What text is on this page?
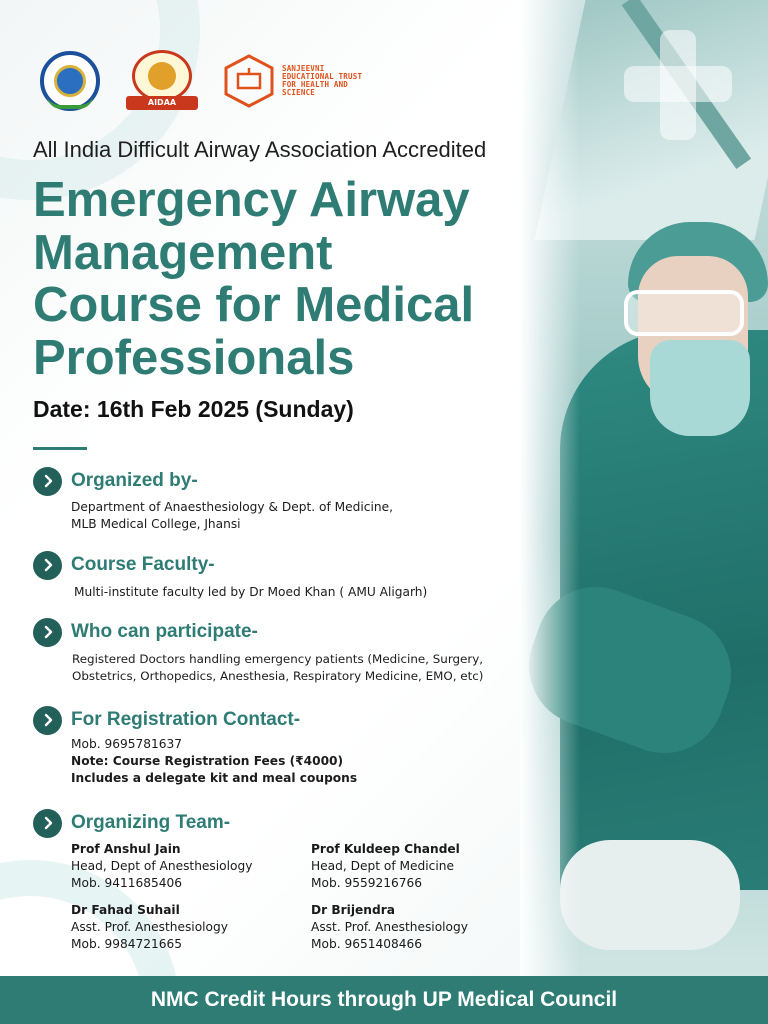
AIDAA
SANJEEVNI EDUCATIONAL TRUST FOR HEALTH AND SCIENCE
All India Difficult Airway Association Accredited
Emergency Airway
Management
Course for Medical
Professionals
Date: 16th Feb 2025 (Sunday)
Organized by-
Department of Anaesthesiology & Dept. of Medicine,
MLB Medical College, Jhansi
Course Faculty-
Multi-institute faculty led by Dr Moed Khan ( AMU Aligarh)
Who can participate-
Registered Doctors handling emergency patients (Medicine, Surgery,
Obstetrics, Orthopedics, Anesthesia, Respiratory Medicine, EMO, etc)
For Registration Contact-
Mob. 9695781637
Note: Course Registration Fees (₹4000)
Includes a delegate kit and meal coupons
Organizing Team-
Prof Anshul Jain
Head, Dept of Anesthesiology
Mob. 9411685406
Prof Kuldeep Chandel
Head, Dept of Medicine
Mob. 9559216766
Dr Fahad Suhail
Asst. Prof. Anesthesiology
Mob. 9984721665
Dr Brijendra
Asst. Prof. Anesthesiology
Mob. 9651408466
NMC Credit Hours through UP Medical Council
